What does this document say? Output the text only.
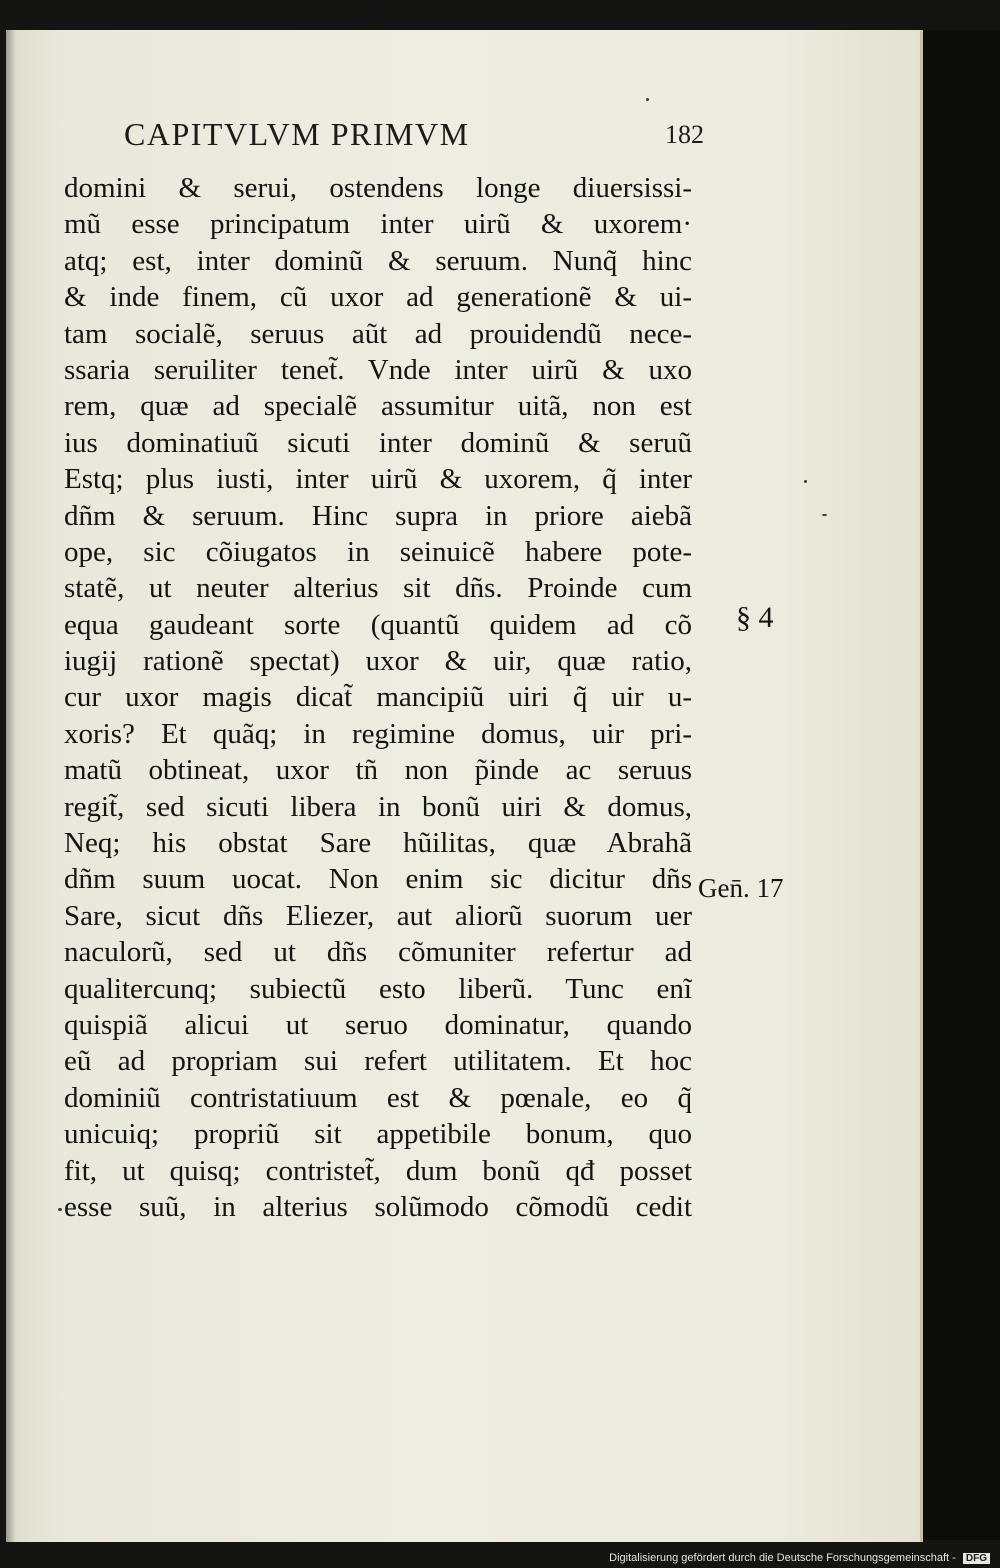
CAPITVLVM PRIMVM	182
domini & serui, ostendens longe diuersissi-
mũ esse principatum inter uirũ & uxorem·
atq; est, inter dominũ & seruum. Nunq̃ hinc
& inde finem, cũ uxor ad generationẽ & ui-
tam socialẽ, seruus aũt ad prouidendũ nece-
ssaria seruiliter tenet̃. Vnde inter uirũ & uxo
rem, quæ ad specialẽ assumitur uitã, non est
ius dominatiuũ sicuti inter dominũ & seruũ
Estq; plus iusti, inter uirũ & uxorem, q̃ inter
dñm & seruum. Hinc supra in priore aiebã
ope, sic cõiugatos in seinuicẽ habere pote-
statẽ, ut neuter alterius sit dñs. Proinde cum
equa gaudeant sorte (quantũ quidem ad cõ
iugij rationẽ spectat) uxor & uir, quæ ratio,
cur uxor magis dicat̃ mancipiũ uiri q̃ uir u-
xoris? Et quãq; in regimine domus, uir pri-
matũ obtineat, uxor tñ non p̃inde ac seruus
regit̃, sed sicuti libera in bonũ uiri & domus,
Neq; his obstat Sare hũilitas, quæ Abrahã
dñm suum uocat. Non enim sic dicitur dñs
Sare, sicut dñs Eliezer, aut aliorũ suorum uer
naculorũ, sed ut dñs cõmuniter refertur ad
qualitercunq; subiectũ esto liberũ. Tunc enĩ
quispiã alicui ut seruo dominatur, quando
eũ ad propriam sui refert utilitatem. Et hoc
dominiũ contristatiuum est & pœnale, eo q̃
unicuiq; propriũ sit appetibile bonum, quo
fit, ut quisq; contristet̃, dum bonũ qđ posset
esse suũ, in alterius solũmodo cõmodũ cedit
§ 4
Gen̄. 17
Digitalisierung gefördert durch die Deutsche Forschungsgemeinschaft - DFG
